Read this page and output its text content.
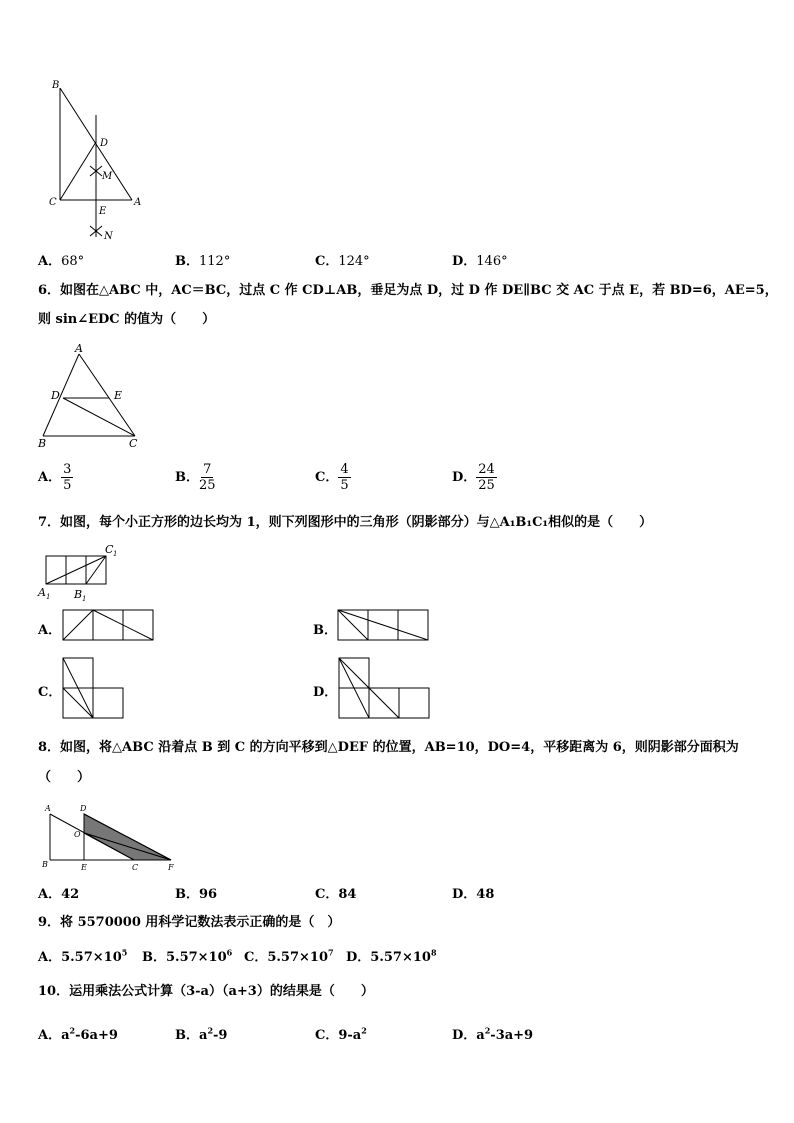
B
D
M
C	A
E
N
A．68°	B．112°	C．124°	D．146°
6．如图在△ABC 中，AC＝BC，过点 C 作 CD⊥AB，垂足为点 D，过 D 作 DE∥BC 交 AC 于点 E，若 BD=6，AE=5，
则 sin∠EDC 的值为（　　）
A
D	E
B	C
A． $\frac{3}{5}$	B． $\frac{7}{25}$	C． $\frac{4}{5}$	D． $\frac{24}{25}$
7．如图，每个小正方形的边长均为 1，则下列图形中的三角形（阴影部分）与△A₁B₁C₁相似的是（　　）
C 1
A 1 B 1
A．	B．
C．	D．
8．如图，将△ABC 沿着点 B 到 C 的方向平移到△DEF 的位置，AB=10，DO=4，平移距离为 6，则阴影部分面积为
（　　）
A	D
O
B	E	C	F
A．42	B．96	C．84	D．48
9．将 5570000 用科学记数法表示正确的是（　）
A．$5.57\times 10^5$ B．$5.57\times 10^6$ C．$5.57\times 10^7$ D．$5.57\times 10^8$
10．运用乘法公式计算（3-a）（a+3）的结果是（　　）
A．$a^2-6a+9$	B．$a^2-9$	C．$9-a^2$	D．$a^2-3a+9$
